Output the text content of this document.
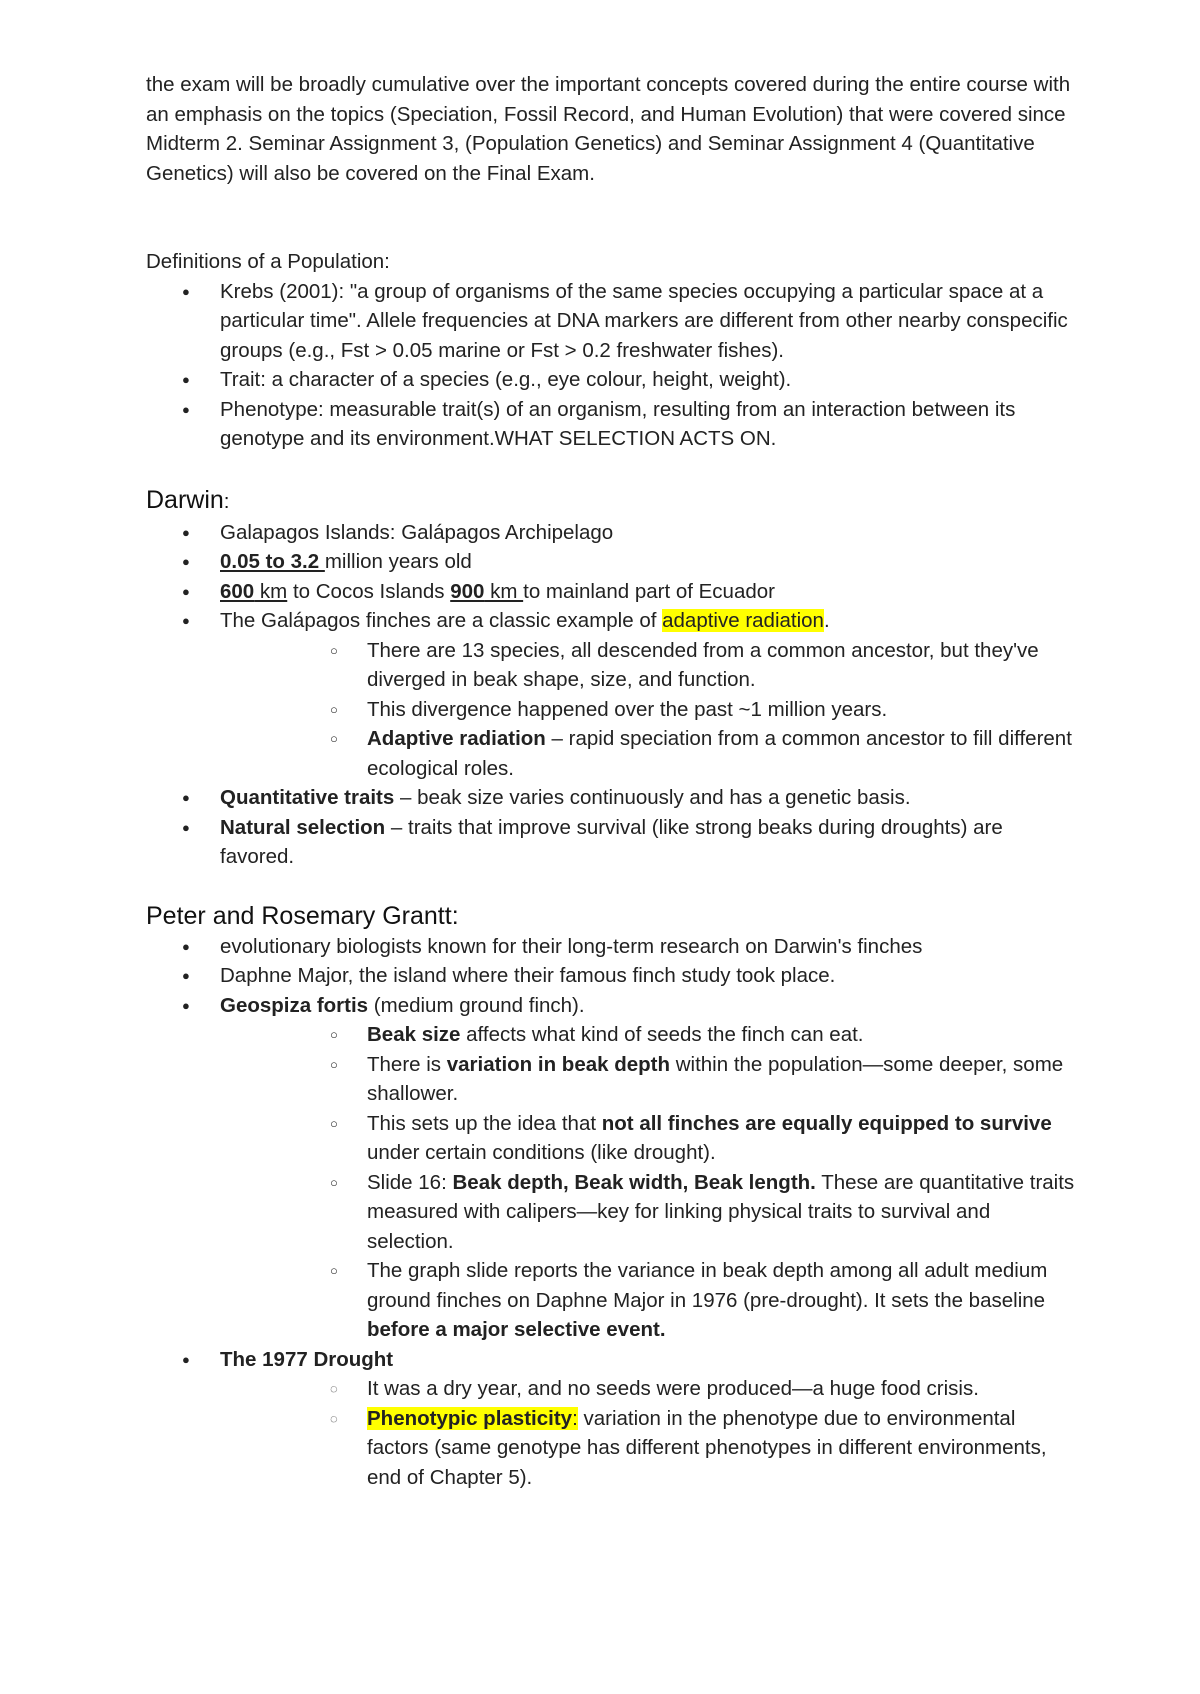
the exam will be broadly cumulative over the important concepts covered during the entire course with an emphasis on the topics (Speciation, Fossil Record, and Human Evolution) that were covered since Midterm 2. Seminar Assignment 3, (Population Genetics) and Seminar Assignment 4 (Quantitative Genetics) will also be covered on the Final Exam.

Definitions of a Population:

● Krebs (2001): "a group of organisms of the same species occupying a particular space at a particular time". Allele frequencies at DNA markers are different from other nearby conspecific groups (e.g., Fst > 0.05 marine or Fst > 0.2 freshwater fishes).
● Trait: a character of a species (e.g., eye colour, height, weight).
● Phenotype: measurable trait(s) of an organism, resulting from an interaction between its genotype and its environment.WHAT SELECTION ACTS ON.
Darwin:
● Galapagos Islands: Galápagos Archipelago
● 0.05 to 3.2 million years old
● 600 km to Cocos Islands 900 km to mainland part of Ecuador
● The Galápagos finches are a classic example of adaptive radiation.
○ There are 13 species, all descended from a common ancestor, but they've diverged in beak shape, size, and function.
○ This divergence happened over the past ~1 million years.
○ Adaptive radiation – rapid speciation from a common ancestor to fill different ecological roles.
● Quantitative traits – beak size varies continuously and has a genetic basis.
● Natural selection – traits that improve survival (like strong beaks during droughts) are favored.
Peter and Rosemary Grantt:
● evolutionary biologists known for their long-term research on Darwin's finches
● Daphne Major, the island where their famous finch study took place.
● Geospiza fortis (medium ground finch).
○ Beak size affects what kind of seeds the finch can eat.
○ There is variation in beak depth within the population—some deeper, some shallower.
○ This sets up the idea that not all finches are equally equipped to survive under certain conditions (like drought).
○ Slide 16: Beak depth, Beak width, Beak length. These are quantitative traits measured with calipers—key for linking physical traits to survival and selection.
○ The graph slide reports the variance in beak depth among all adult medium ground finches on Daphne Major in 1976 (pre-drought). It sets the baseline before a major selective event.
● The 1977 Drought
◌ It was a dry year, and no seeds were produced—a huge food crisis.
◌ Phenotypic plasticity: variation in the phenotype due to environmental factors (same genotype has different phenotypes in different environments, end of Chapter 5).
